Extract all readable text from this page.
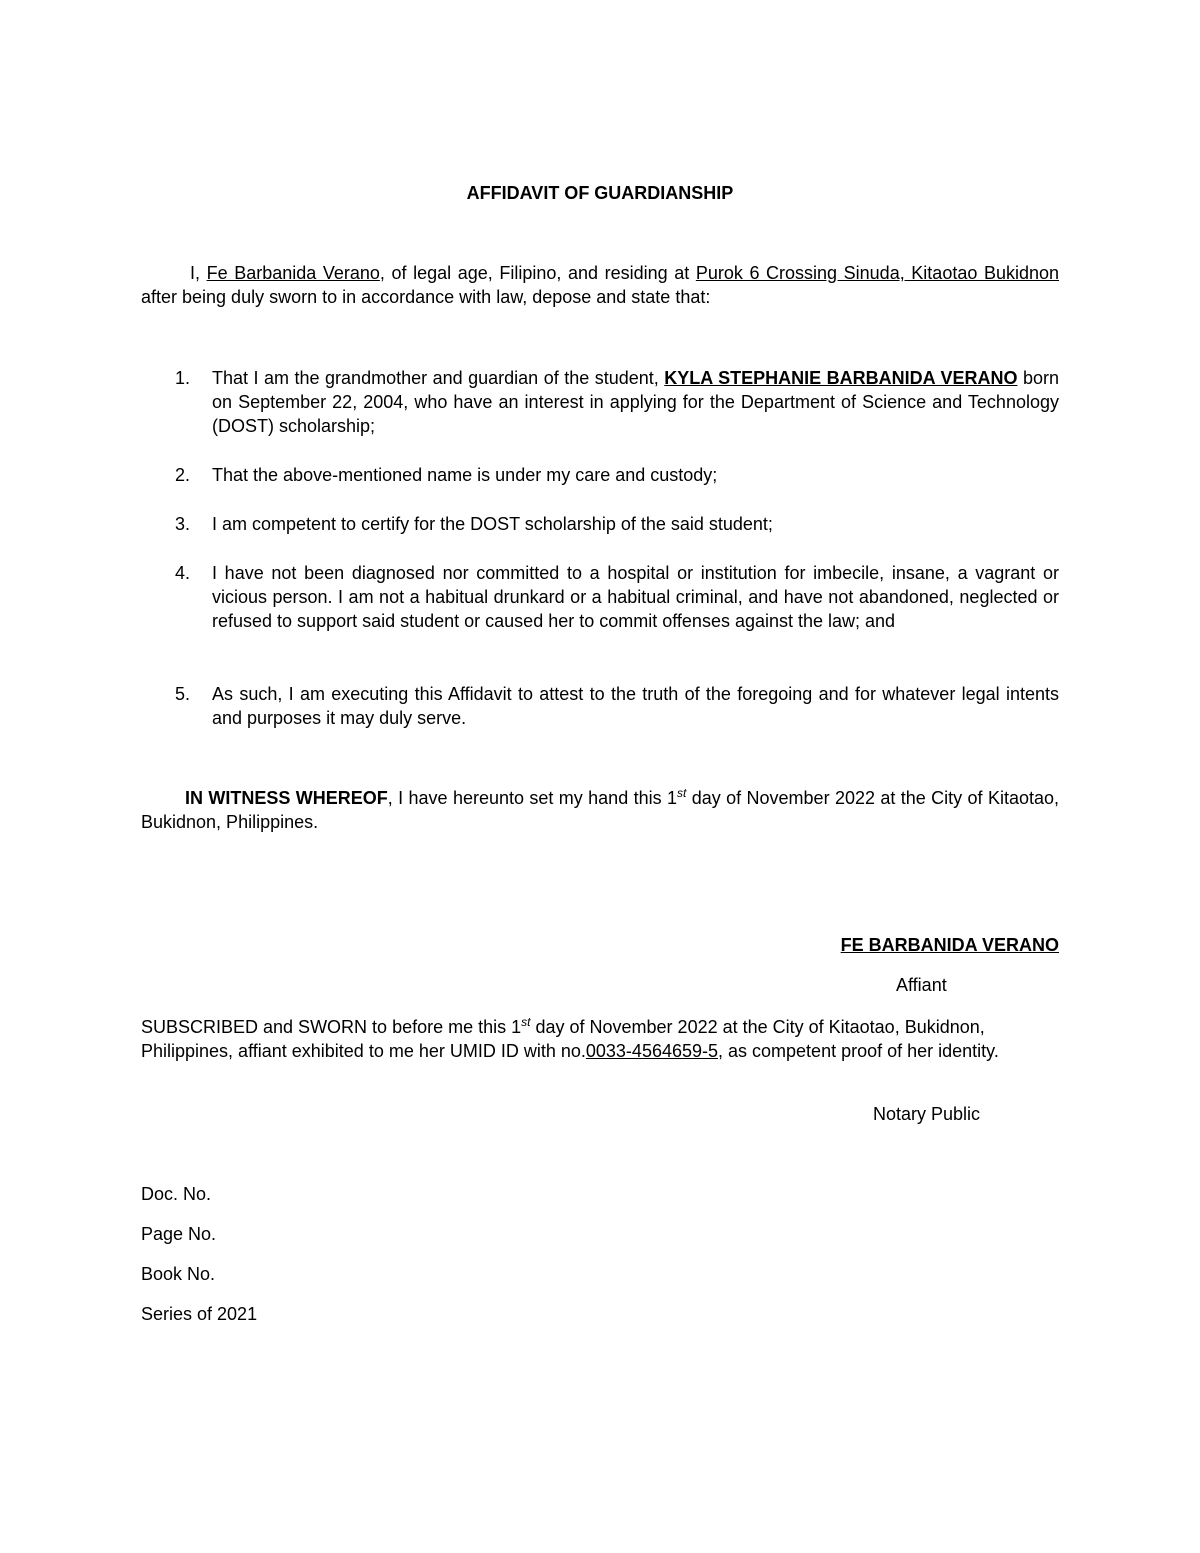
AFFIDAVIT OF GUARDIANSHIP
I, Fe Barbanida Verano, of legal age, Filipino, and residing at Purok 6 Crossing Sinuda, Kitaotao Bukidnon after being duly sworn to in accordance with law, depose and state that:
1. That I am the grandmother and guardian of the student, KYLA STEPHANIE BARBANIDA VERANO born on September 22, 2004, who have an interest in applying for the Department of Science and Technology (DOST) scholarship;
2. That the above-mentioned name is under my care and custody;
3. I am competent to certify for the DOST scholarship of the said student;
4. I have not been diagnosed nor committed to a hospital or institution for imbecile, insane, a vagrant or vicious person. I am not a habitual drunkard or a habitual criminal, and have not abandoned, neglected or refused to support said student or caused her to commit offenses against the law; and
5. As such, I am executing this Affidavit to attest to the truth of the foregoing and for whatever legal intents and purposes it may duly serve.
IN WITNESS WHEREOF, I have hereunto set my hand this 1st day of November 2022 at the City of Kitaotao, Bukidnon, Philippines.
FE BARBANIDA VERANO
Affiant
SUBSCRIBED and SWORN to before me this 1st day of November 2022 at the City of Kitaotao, Bukidnon, Philippines, affiant exhibited to me her UMID ID with no.0033-4564659-5, as competent proof of her identity.
Notary Public
Doc. No.
Page No.
Book No.
Series of 2021
